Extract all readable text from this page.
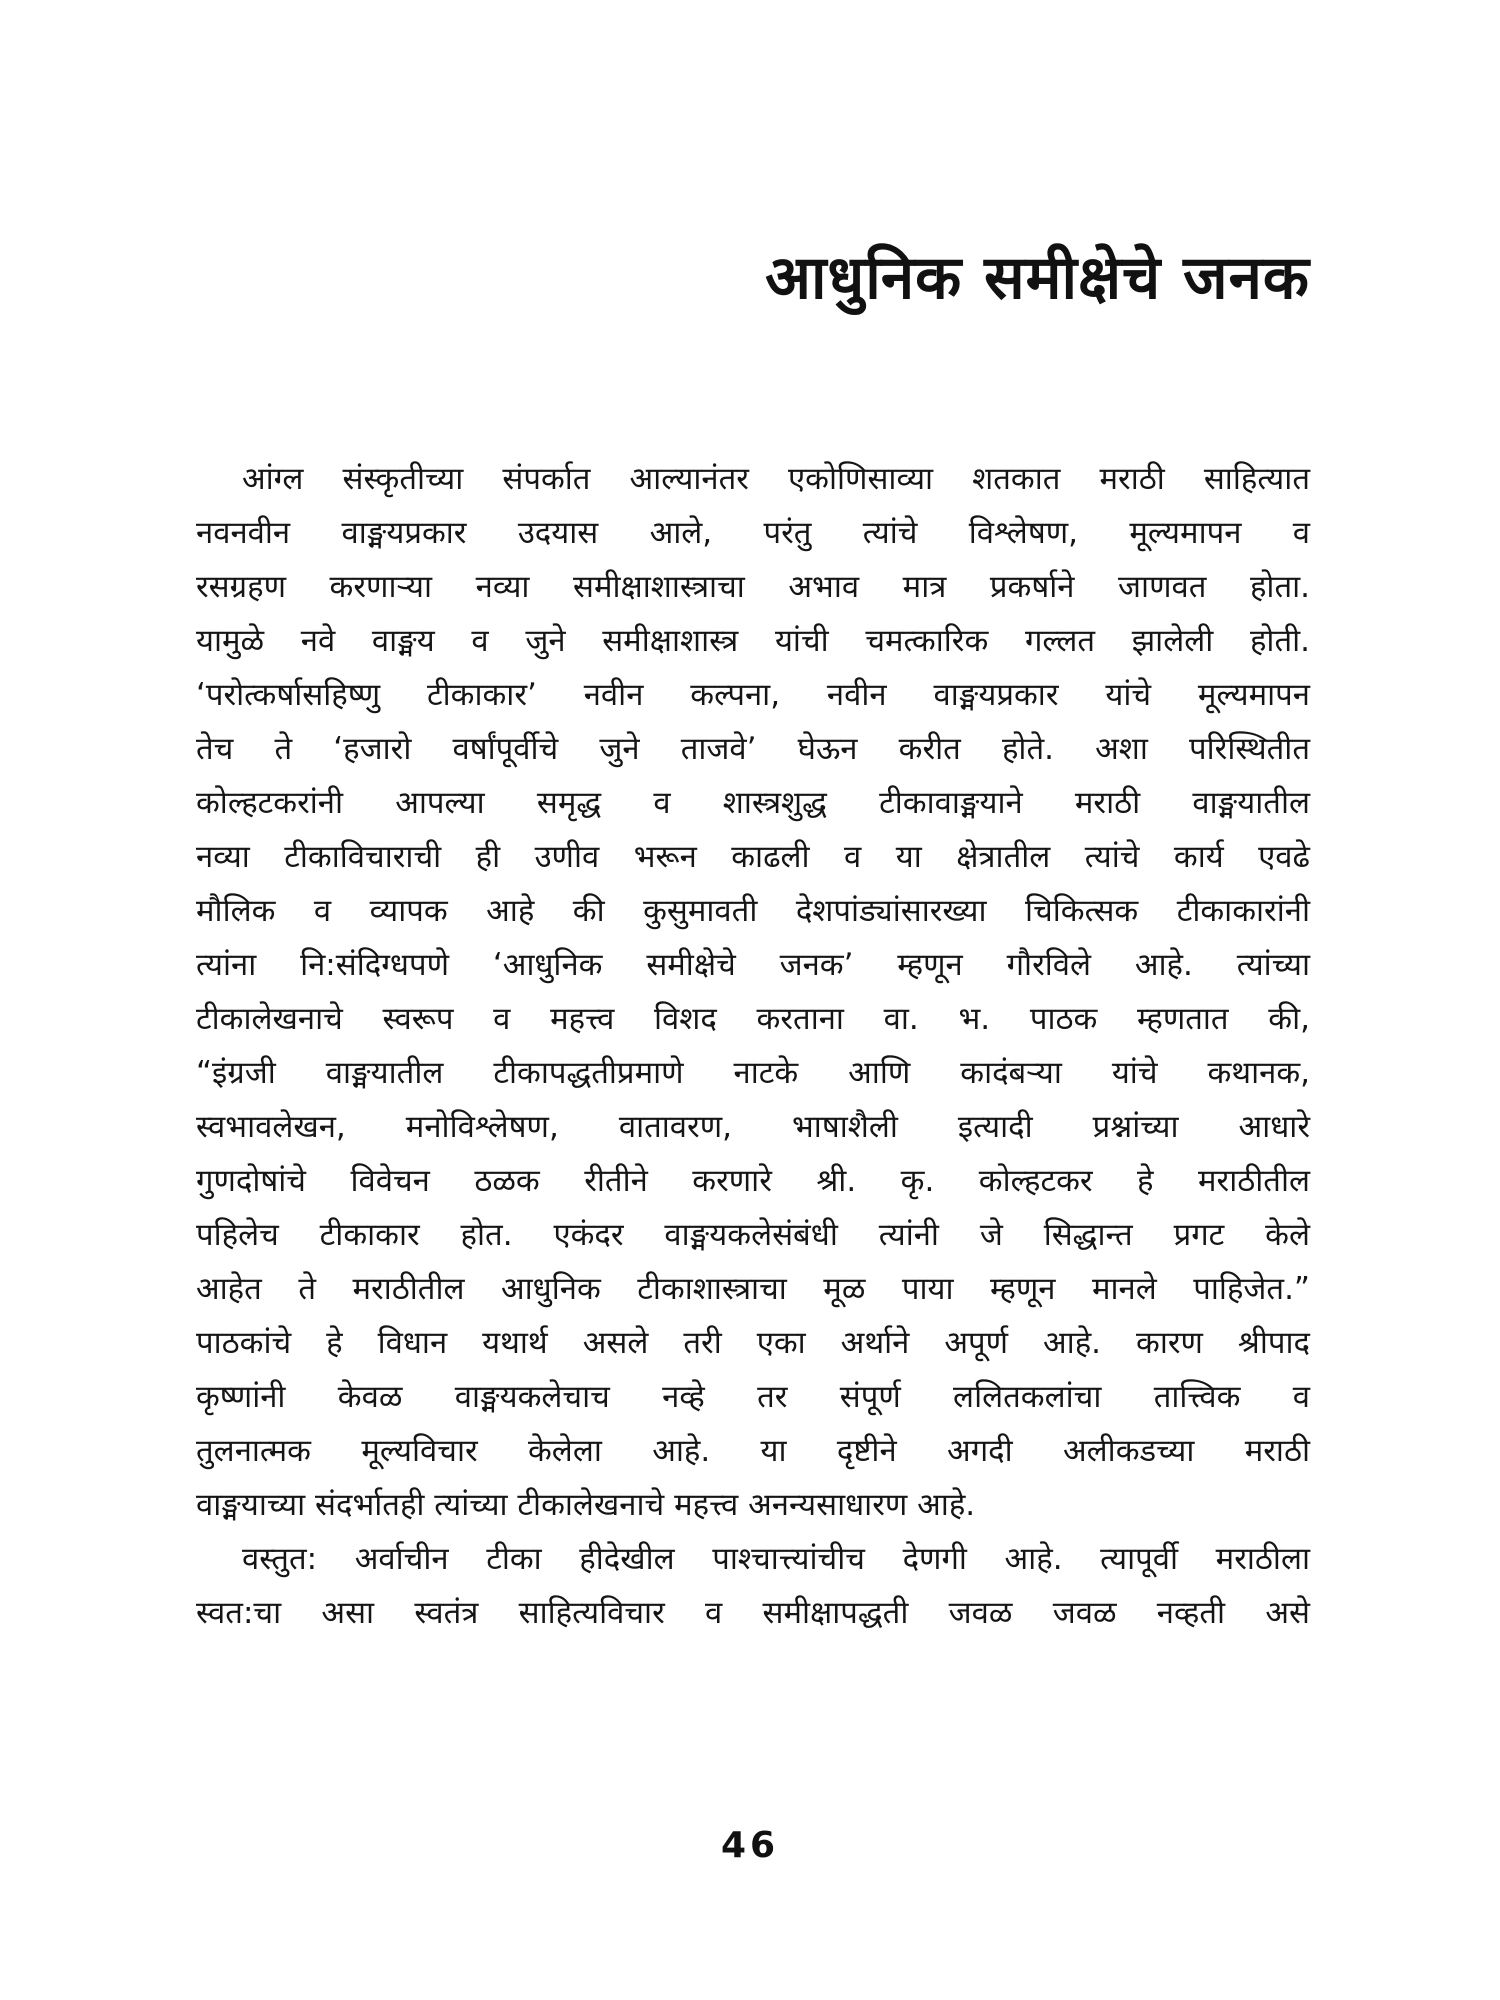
आधुनिक समीक्षेचे जनक
आंग्ल संस्कृतीच्या संपर्कात आल्यानंतर एकोणिसाव्या शतकात मराठी साहित्यात
नवनवीन वाङ्मयप्रकार उदयास आले, परंतु त्यांचे विश्लेषण, मूल्यमापन व
रसग्रहण करणाऱ्या नव्या समीक्षाशास्त्राचा अभाव मात्र प्रकर्षाने जाणवत होता.
यामुळे नवे वाङ्मय व जुने समीक्षाशास्त्र यांची चमत्कारिक गल्लत झालेली होती.
‘परोत्कर्षासहिष्णु टीकाकार’ नवीन कल्पना, नवीन वाङ्मयप्रकार यांचे मूल्यमापन
तेच ते ‘हजारो वर्षांपूर्वीचे जुने ताजवे’ घेऊन करीत होते. अशा परिस्थितीत
कोल्हटकरांनी आपल्या समृद्ध व शास्त्रशुद्ध टीकावाङ्मयाने मराठी वाङ्मयातील
नव्या टीकाविचाराची ही उणीव भरून काढली व या क्षेत्रातील त्यांचे कार्य एवढे
मौलिक व व्यापक आहे की कुसुमावती देशपांड्यांसारख्या चिकित्सक टीकाकारांनी
त्यांना नि:संदिग्धपणे ‘आधुनिक समीक्षेचे जनक’ म्हणून गौरविले आहे. त्यांच्या
टीकालेखनाचे स्वरूप व महत्त्व विशद करताना वा. भ. पाठक म्हणतात की,
“इंग्रजी वाङ्मयातील टीकापद्धतीप्रमाणे नाटके आणि कादंबऱ्या यांचे कथानक,
स्वभावलेखन, मनोविश्लेषण, वातावरण, भाषाशैली इत्यादी प्रश्नांच्या आधारे
गुणदोषांचे विवेचन ठळक रीतीने करणारे श्री. कृ. कोल्हटकर हे मराठीतील
पहिलेच टीकाकार होत. एकंदर वाङ्मयकलेसंबंधी त्यांनी जे सिद्धान्त प्रगट केले
आहेत ते मराठीतील आधुनिक टीकाशास्त्राचा मूळ पाया म्हणून मानले पाहिजेत.”
पाठकांचे हे विधान यथार्थ असले तरी एका अर्थाने अपूर्ण आहे. कारण श्रीपाद
कृष्णांनी केवळ वाङ्मयकलेचाच नव्हे तर संपूर्ण ललितकलांचा तात्त्विक व
तुलनात्मक मूल्यविचार केलेला आहे. या दृष्टीने अगदी अलीकडच्या मराठी
वाङ्मयाच्या संदर्भातही त्यांच्या टीकालेखनाचे महत्त्व अनन्यसाधारण आहे.
वस्तुत: अर्वाचीन टीका हीदेखील पाश्चात्त्यांचीच देणगी आहे. त्यापूर्वी मराठीला
स्वत:चा असा स्वतंत्र साहित्यविचार व समीक्षापद्धती जवळ जवळ नव्हती असे
46
